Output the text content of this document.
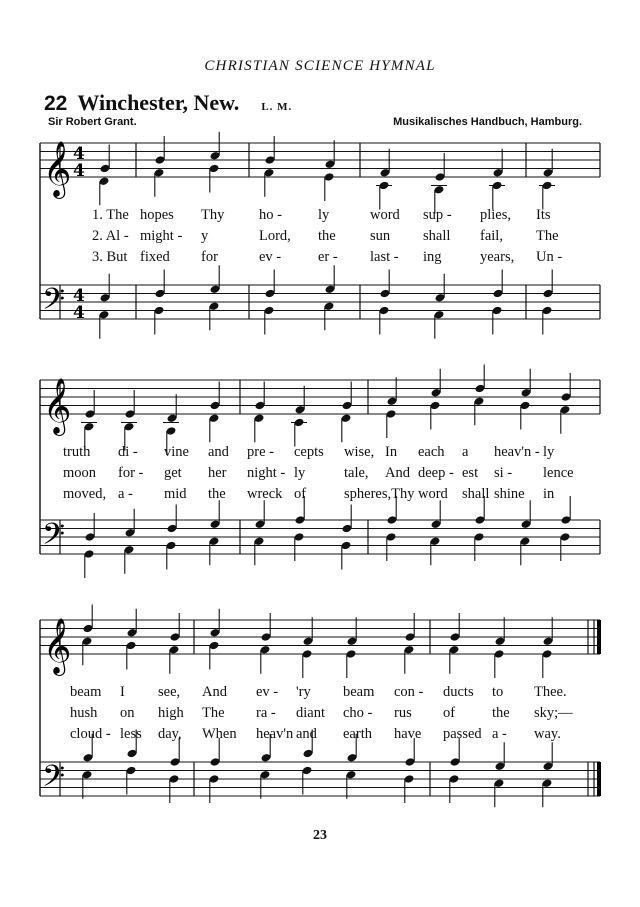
CHRISTIAN SCIENCE HYMNAL
22 Winchester, New. L. M.
Sir Robert Grant.	Musikalisches Handbuch, Hamburg.
𝄞 4
4
𝄢 4
4
𝄞
𝄢
𝄞
𝄢
1. The hopes Thy ho - ly	word sup - plies, Its
2. Al - might - y	Lord, the sun shall fail, The
3. But fixed for	ev -	er - last - ing	years, Un -
truth di - vine and pre - cepts wise, In each a heav'n - ly
moon for - get her night - ly	tale, And deep - est si - lence
moved, a - mid the wreck of	spheres,Thy word shall shine in
beam I see, And ev - 'ry beam con - ducts to Thee.
hush on high The ra - diant cho - rus of	the sky;—
cloud - less day, When heav'n and earth have passed a - way.
23
